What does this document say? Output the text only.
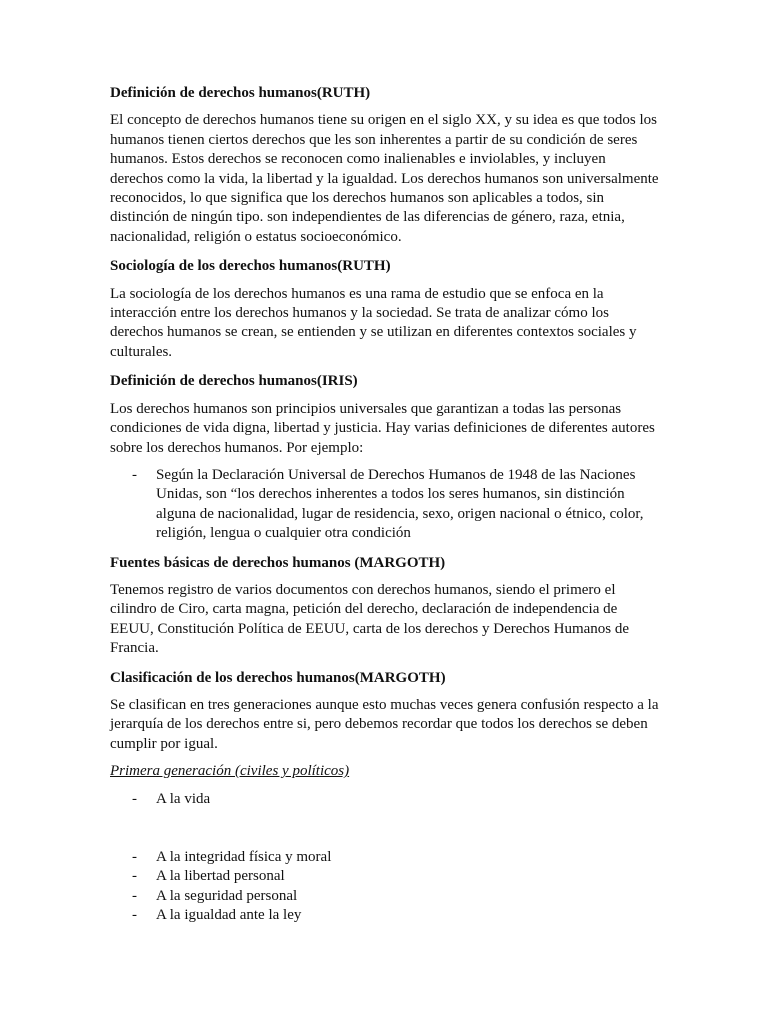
Definición de derechos humanos(RUTH)

El concepto de derechos humanos tiene su origen en el siglo XX, y su idea es que todos los humanos tienen ciertos derechos que les son inherentes a partir de su condición de seres humanos. Estos derechos se reconocen como inalienables e inviolables, y incluyen derechos como la vida, la libertad y la igualdad. Los derechos humanos son universalmente reconocidos, lo que significa que los derechos humanos son aplicables a todos, sin distinción de ningún tipo. son independientes de las diferencias de género, raza, etnia, nacionalidad, religión o estatus socioeconómico.

Sociología de los derechos humanos(RUTH)

La sociología de los derechos humanos es una rama de estudio que se enfoca en la interacción entre los derechos humanos y la sociedad. Se trata de analizar cómo los derechos humanos se crean, se entienden y se utilizan en diferentes contextos sociales y culturales.

Definición de derechos humanos(IRIS)

Los derechos humanos son principios universales que garantizan a todas las personas condiciones de vida digna, libertad y justicia. Hay varias definiciones de diferentes autores sobre los derechos humanos. Por ejemplo:

- Según la Declaración Universal de Derechos Humanos de 1948 de las Naciones Unidas, son “los derechos inherentes a todos los seres humanos, sin distinción alguna de nacionalidad, lugar de residencia, sexo, origen nacional o étnico, color, religión, lengua o cualquier otra condición
Fuentes básicas de derechos humanos (MARGOTH)

Tenemos registro de varios documentos con derechos humanos, siendo el primero el cilindro de Ciro, carta magna, petición del derecho, declaración de independencia de EEUU, Constitución Política de EEUU, carta de los derechos y Derechos Humanos de Francia.

Clasificación de los derechos humanos(MARGOTH)

Se clasifican en tres generaciones aunque esto muchas veces genera confusión respecto a la jerarquía de los derechos entre si, pero debemos recordar que todos los derechos se deben cumplir por igual.

Primera generación (civiles y políticos)

- A la vida
- A la integridad física y moral
- A la libertad personal
- A la seguridad personal
- A la igualdad ante la ley
